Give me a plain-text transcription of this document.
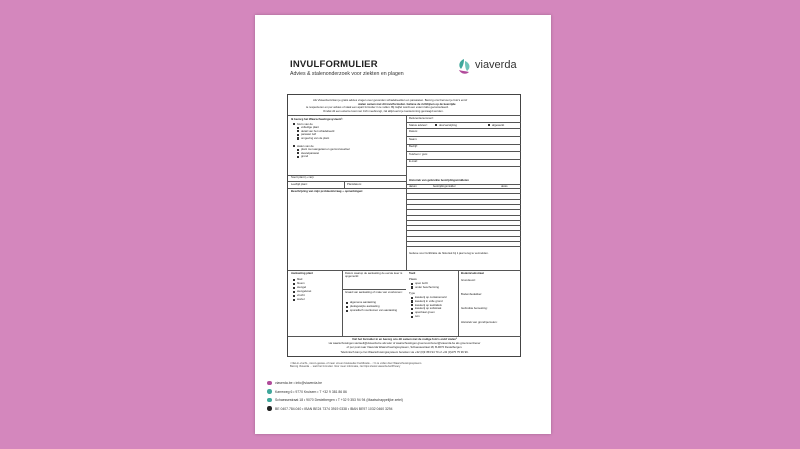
INVULFORMULIER
Advies & stalenonderzoek voor ziekten en plagen
viaverda
Als Viaverda-lid kan je gratis advies vragen over gevonden schadebeelden en parasieten. Bezorg ons hiervoor je foto's en/of
stalen samen met dit invulformulier. Gelieve de richtlijnen op de keerzijde
te respecteren en per advies of staal een apart formulier in te vullen. Bij twijfel wordt een extern labo geconsulteerd.
Omdat dit een externe kost met zich meebrengt, zal altijd eerst je toestemming gevraagd worden.
Ik bezorg het Waarschuwingssysteem¹:
foto's van de
stalen van de
Referentienummer²:
Status advies²:	doorverwijzing	afgewerkt
Soort plant (+ ras):
Leeftijd plant:	Plantdatum:
Beschrijving van mijn probleem/vraag + opmerkingen:
Historiek van gebruikte bestrijdingsmiddelen
datum	bestrijdingsmiddel	dosis
Gelieve voor fertilizatie de historiek bij 1 jaar terug te vermelden.
Aantasting plant	Datum waarop de aantasting de eerste keer is opgemerkt:
Graad van aantasting of mate van voorkomen:
Teelt
Plaats
Type
Bodem/substraat
volledige plant
detail van het schadebeeld
parasiet zelf
omgeving van de plant
plant met aangetast en gezond weefsel
sleutelparasiet
grond
Datum:
Naam:
Bedrijf:
Telefoon / gsm:
E-mail:
blad
bloem
stengel
stengelvoet
vrucht
wortel
algemene aantasting
pleksgewijze aantasting
sporadisch voorkomen van aantasting
open lucht
onder bescherming
kwekerij op containerveld
kwekerij in volle grond
kwekerij op teelttafels
kwekerij op substraat
openbaar groen
tuin
Grondsoort:
Bodembedekker:
Gebruikte bemesting:
Historiek van grond/percelen:
Voil het formulier in en bezorg ons dit samen met de nodige foto's en/of stalen³
via waarschuwingen.sierteelt@viaverda.be als teler of waarschuwingen.groenvoorziener@viaverda.be als groenvoorziener
of per post naar Viaverda Waarschuwingssysteem, Schaessestraat 18, B-9070 Destelbergen.
Telefonisch kan je het Waarschuwingssysteem bereiken via +32 (0)9 353 94 70 of +32 (0)475 75 96 99.
¹ Niet-in-vrucht-, niet-in-gewas- of meer uit een boekseder-fructificatie... ² In te vullen door Waarschuwingssysteem.
Bezorg Viaverda ... teelt het formulier. Voor meer informatie, zie https://www.viaverda.be/Privacy
viaverda.be • info@viaverda.be
Karreweg 6 • 9770 Kruisem • T +32 9 381 86 86
Schaessestraat 18 • 9070 Destelbergen • T +32 9 353 94 94 (Maatschappelijke zetel)
BE 0407.784.040 • IBAN BE24 7374 3919 0338 • IBAN BE97 1032 0460 3294
